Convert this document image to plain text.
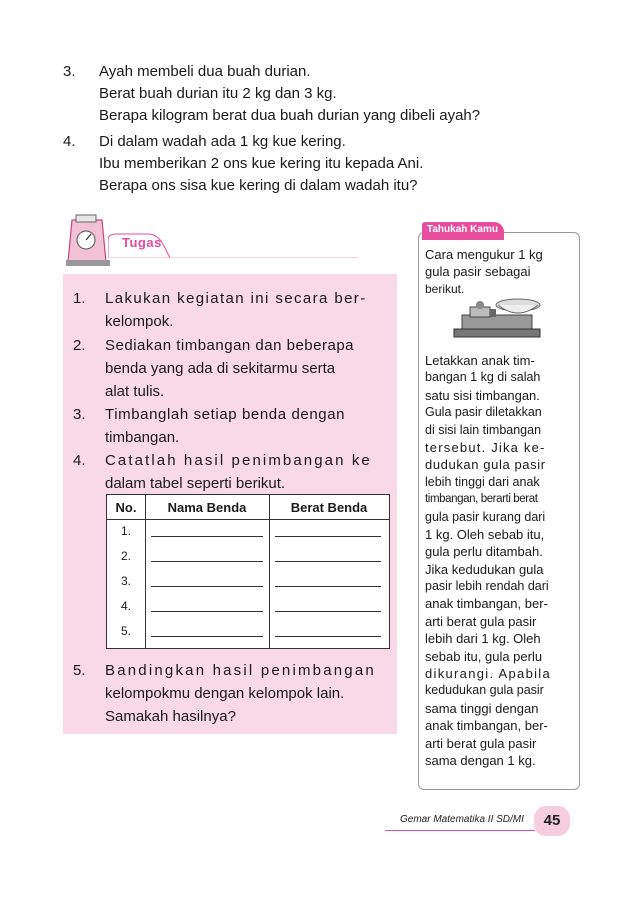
3. Ayah membeli dua buah durian.
Berat buah durian itu 2 kg dan 3 kg.
Berapa kilogram berat dua buah durian yang dibeli ayah?
4. Di dalam wadah ada 1 kg kue kering.
Ibu memberikan 2 ons kue kering itu kepada Ani.
Berapa ons sisa kue kering di dalam wadah itu?
Tugas
1. Lakukan kegiatan ini secara ber-
kelompok.
2. Sediakan timbangan dan beberapa
benda yang ada di sekitarmu serta
alat tulis.
3. Timbanglah setiap benda dengan
timbangan.
4. Catatlah hasil penimbangan ke
dalam tabel seperti berikut.
No.	Nama Benda	Berat Benda
1.
2.
3.
4.
5.
5. Bandingkan hasil penimbangan
kelompokmu dengan kelompok lain.
Samakah hasilnya?
Tahukah Kamu
Cara mengukur 1 kg
gula pasir sebagai
berikut.
Letakkan anak tim-
bangan 1 kg di salah
satu sisi timbangan.
Gula pasir diletakkan
di sisi lain timbangan
tersebut. Jika ke-
dudukan gula pasir
lebih tinggi dari anak
timbangan, berarti berat
gula pasir kurang dari
1 kg. Oleh sebab itu,
gula perlu ditambah.
Jika kedudukan gula
pasir lebih rendah dari
anak timbangan, ber-
arti berat gula pasir
lebih dari 1 kg. Oleh
sebab itu, gula perlu
dikurangi. Apabila
kedudukan gula pasir
sama tinggi dengan
anak timbangan, ber-
arti berat gula pasir
sama dengan 1 kg.
Gemar Matematika II SD/MI	45
